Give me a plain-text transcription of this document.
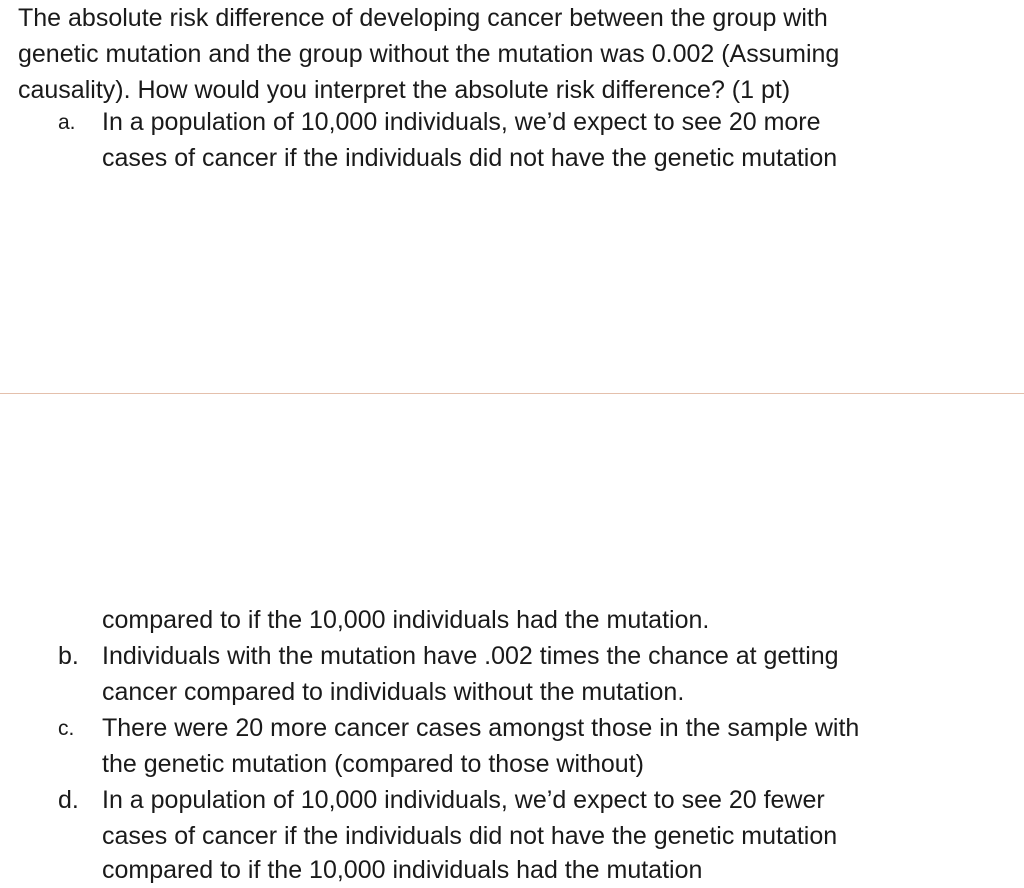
The absolute risk difference of developing cancer between the group with

genetic mutation and the group without the mutation was 0.002 (Assuming

causality). How would you interpret the absolute risk difference? (1 pt)

a.	In a population of 10,000 individuals, we’d expect to see 20 more
cases of cancer if the individuals did not have the genetic mutation
compared to if the 10,000 individuals had the mutation.
b. Individuals with the mutation have .002 times the chance at getting
cancer compared to individuals without the mutation.
c.	There were 20 more cancer cases amongst those in the sample with
the genetic mutation (compared to those without)
d. In a population of 10,000 individuals, we’d expect to see 20 fewer
cases of cancer if the individuals did not have the genetic mutation
compared to if the 10,000 individuals had the mutation
